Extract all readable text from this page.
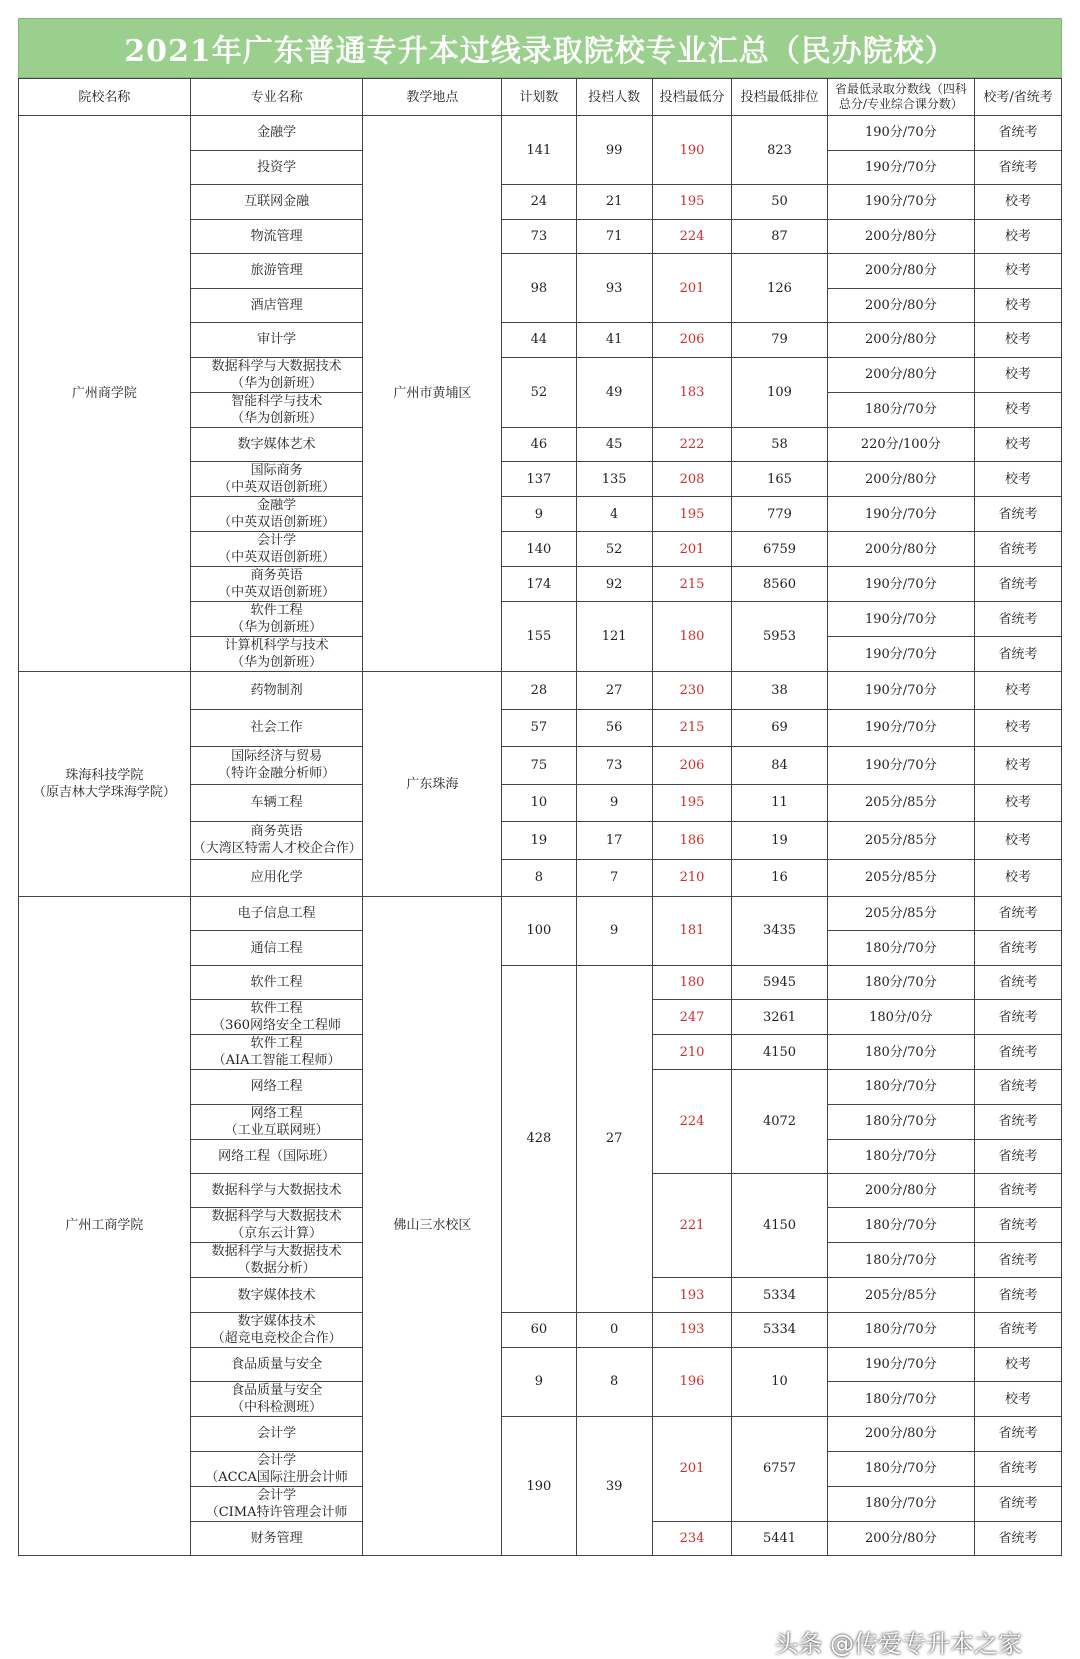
2021年广东普通专升本过线录取院校专业汇总（民办院校）
院校名称	专业名称	教学地点	计划数	投档人数	投档最低分	投档最低排位	省最低录取分数线（四科总分/专业综合课分数）	校考/省统考

广州商学院	金融学	广州市黄埔区	141	99	190	823	190分/70分	省统考

	投资学						190分/70分	省统考

	互联网金融		24	21	195	50	190分/70分	校考

	物流管理		73	71	224	87	200分/80分	校考

	旅游管理		98	93	201	126	200分/80分	校考

	酒店管理						200分/80分	校考

	审计学		44	41	206	79	200分/80分	校考

	数据科学与大数据技术
（华为创新班）		52	49	183	109	200分/80分	校考

	智能科学与技术
（华为创新班）						180分/70分	校考

	数字媒体艺术		46	45	222	58	220分/100分	校考

	国际商务
（中英双语创新班）		137	135	208	165	200分/80分	校考

	金融学
（中英双语创新班）		9	4	195	779	190分/70分	省统考

	会计学
（中英双语创新班）		140	52	201	6759	200分/80分	省统考

	商务英语
（中英双语创新班）		174	92	215	8560	190分/70分	省统考

	软件工程
（华为创新班）		155	121	180	5953	190分/70分	省统考

	计算机科学与技术
（华为创新班）						190分/70分	省统考

珠海科技学院
（原吉林大学珠海学院）	药物制剂	广东珠海	28	27	230	38	190分/70分	校考

	社会工作		57	56	215	69	190分/70分	校考

	国际经济与贸易
（特许金融分析师）		75	73	206	84	190分/70分	校考

	车辆工程		10	9	195	11	205分/85分	校考

	商务英语
（大湾区特需人才校企合作）		19	17	186	19	205分/85分	校考

	应用化学		8	7	210	16	205分/85分	校考

广州工商学院	电子信息工程	佛山三水校区	100	9	181	3435	205分/85分	省统考

	通信工程						180分/70分	省统考

	软件工程		428	27	180	5945	180分/70分	省统考

	软件工程
（360网络安全工程师				247	3261	180分/0分	省统考

	软件工程
（AIA工智能工程师）				210	4150	180分/70分	省统考

	网络工程				224	4072	180分/70分	省统考

	网络工程
（工业互联网班）						180分/70分	省统考

	网络工程（国际班）						180分/70分	省统考

	数据科学与大数据技术				221	4150	200分/80分	省统考

	数据科学与大数据技术
（京东云计算）						180分/70分	省统考

	数据科学与大数据技术
（数据分析）						180分/70分	省统考

	数字媒体技术				193	5334	205分/85分	省统考

	数字媒体技术
（超竞电竞校企合作）		60	0	193	5334	180分/70分	省统考

	食品质量与安全		9	8	196	10	190分/70分	校考

	食品质量与安全
（中科检测班）						180分/70分	校考

	会计学		190	39	201	6757	200分/80分	省统考

	会计学
（ACCA国际注册会计师						180分/70分	省统考

	会计学
（CIMA特许管理会计师						180分/70分	省统考

	财务管理				234	5441	200分/80分	省统考
头条 @传爱专升本之家
